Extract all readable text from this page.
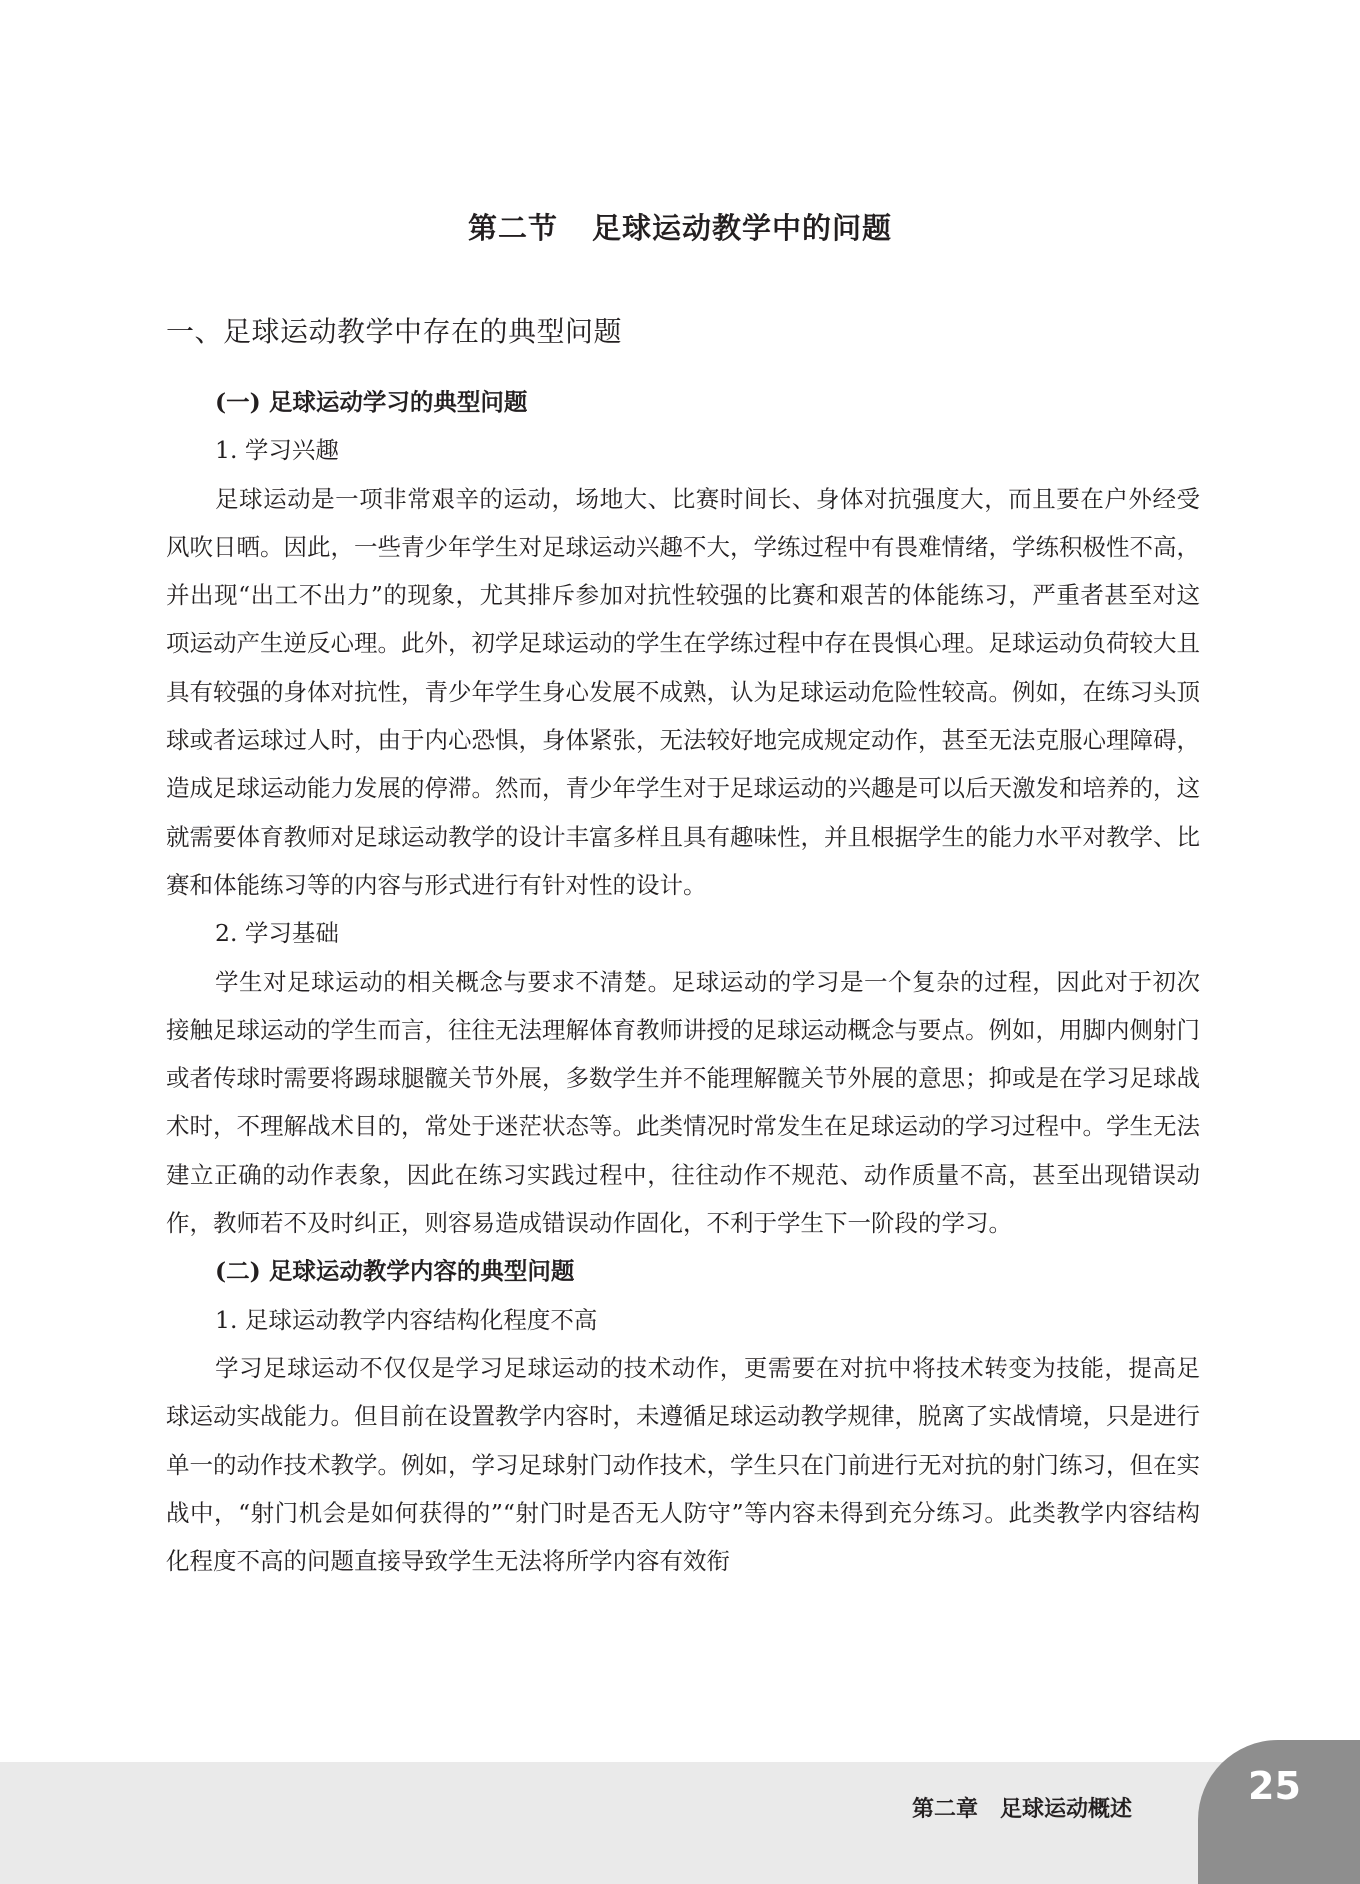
第二节 足球运动教学中的问题
一、足球运动教学中存在的典型问题
(一) 足球运动学习的典型问题
1. 学习兴趣

足球运动是一项非常艰辛的运动，场地大、比赛时间长、身体对抗强度大，而且要在户外经受风吹日晒。因此，一些青少年学生对足球运动兴趣不大，学练过程中有畏难情绪，学练积极性不高，并出现“出工不出力”的现象，尤其排斥参加对抗性较强的比赛和艰苦的体能练习，严重者甚至对这项运动产生逆反心理。此外，初学足球运动的学生在学练过程中存在畏惧心理。足球运动负荷较大且具有较强的身体对抗性，青少年学生身心发展不成熟，认为足球运动危险性较高。例如，在练习头顶球或者运球过人时，由于内心恐惧，身体紧张，无法较好地完成规定动作，甚至无法克服心理障碍，造成足球运动能力发展的停滞。然而，青少年学生对于足球运动的兴趣是可以后天激发和培养的，这就需要体育教师对足球运动教学的设计丰富多样且具有趣味性，并且根据学生的能力水平对教学、比赛和体能练习等的内容与形式进行有针对性的设计。

2. 学习基础

学生对足球运动的相关概念与要求不清楚。足球运动的学习是一个复杂的过程，因此对于初次接触足球运动的学生而言，往往无法理解体育教师讲授的足球运动概念与要点。例如，用脚内侧射门或者传球时需要将踢球腿髋关节外展，多数学生并不能理解髋关节外展的意思；抑或是在学习足球战术时，不理解战术目的，常处于迷茫状态等。此类情况时常发生在足球运动的学习过程中。学生无法建立正确的动作表象，因此在练习实践过程中，往往动作不规范、动作质量不高，甚至出现错误动作，教师若不及时纠正，则容易造成错误动作固化，不利于学生下一阶段的学习。

(二) 足球运动教学内容的典型问题
1. 足球运动教学内容结构化程度不高

学习足球运动不仅仅是学习足球运动的技术动作，更需要在对抗中将技术转变为技能，提高足球运动实战能力。但目前在设置教学内容时，未遵循足球运动教学规律，脱离了实战情境，只是进行单一的动作技术教学。例如，学习足球射门动作技术，学生只在门前进行无对抗的射门练习，但在实战中，“射门机会是如何获得的”“射门时是否无人防守”等内容未得到充分练习。此类教学内容结构化程度不高的问题直接导致学生无法将所学内容有效衔

第二章 足球运动概述
25
